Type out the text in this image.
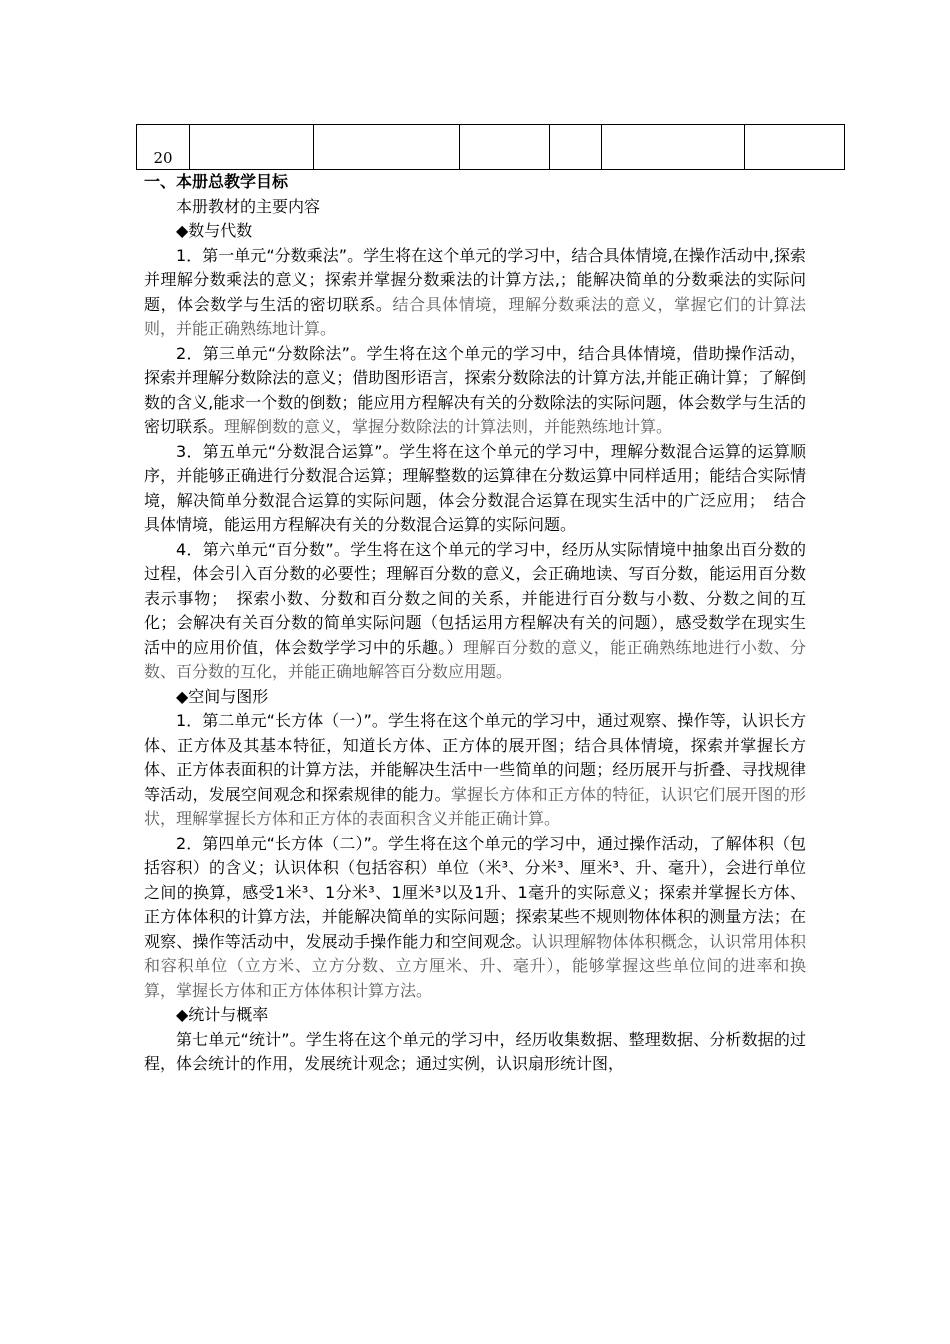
20						

一、本册总教学目标

本册教材的主要内容

◆数与代数

1．第一单元“分数乘法”。学生将在这个单元的学习中，结合具体情境,在操作活动中,探索并理解分数乘法的意义；探索并掌握分数乘法的计算方法,；能解决简单的分数乘法的实际问题，体会数学与生活的密切联系。结合具体情境，理解分数乘法的意义，掌握它们的计算法则，并能正确熟练地计算。

2．第三单元“分数除法”。学生将在这个单元的学习中，结合具体情境，借助操作活动，探索并理解分数除法的意义；借助图形语言，探索分数除法的计算方法,并能正确计算；了解倒数的含义,能求一个数的倒数；能应用方程解决有关的分数除法的实际问题，体会数学与生活的密切联系。理解倒数的意义，掌握分数除法的计算法则，并能熟练地计算。

3．第五单元“分数混合运算”。学生将在这个单元的学习中，理解分数混合运算的运算顺序，并能够正确进行分数混合运算；理解整数的运算律在分数运算中同样适用；能结合实际情境，解决简单分数混合运算的实际问题，体会分数混合运算在现实生活中的广泛应用；　结合具体情境，能运用方程解决有关的分数混合运算的实际问题。

4．第六单元“百分数”。学生将在这个单元的学习中，经历从实际情境中抽象出百分数的过程，体会引入百分数的必要性；理解百分数的意义，会正确地读、写百分数，能运用百分数表示事物；　探索小数、分数和百分数之间的关系，并能进行百分数与小数、分数之间的互化；会解决有关百分数的简单实际问题（包括运用方程解决有关的问题），感受数学在现实生活中的应用价值，体会数学学习中的乐趣。）理解百分数的意义，能正确熟练地进行小数、分数、百分数的互化，并能正确地解答百分数应用题。

◆空间与图形

1．第二单元“长方体（一）”。学生将在这个单元的学习中，通过观察、操作等，认识长方体、正方体及其基本特征，知道长方体、正方体的展开图；结合具体情境，探索并掌握长方体、正方体表面积的计算方法，并能解决生活中一些简单的问题；经历展开与折叠、寻找规律等活动，发展空间观念和探索规律的能力。掌握长方体和正方体的特征，认识它们展开图的形状，理解掌握长方体和正方体的表面积含义并能正确计算。

2．第四单元“长方体（二）”。学生将在这个单元的学习中，通过操作活动，了解体积（包括容积）的含义；认识体积（包括容积）单位（米³、分米³、厘米³、升、毫升），会进行单位之间的换算，感受1米³、1分米³、1厘米³以及1升、1毫升的实际意义；探索并掌握长方体、正方体体积的计算方法，并能解决简单的实际问题；探索某些不规则物体体积的测量方法；在观察、操作等活动中，发展动手操作能力和空间观念。认识理解物体体积概念，认识常用体积和容积单位（立方米、立方分数、立方厘米、升、毫升），能够掌握这些单位间的进率和换算，掌握长方体和正方体体积计算方法。

◆统计与概率

第七单元“统计”。学生将在这个单元的学习中，经历收集数据、整理数据、分析数据的过程，体会统计的作用，发展统计观念；通过实例，认识扇形统计图，
